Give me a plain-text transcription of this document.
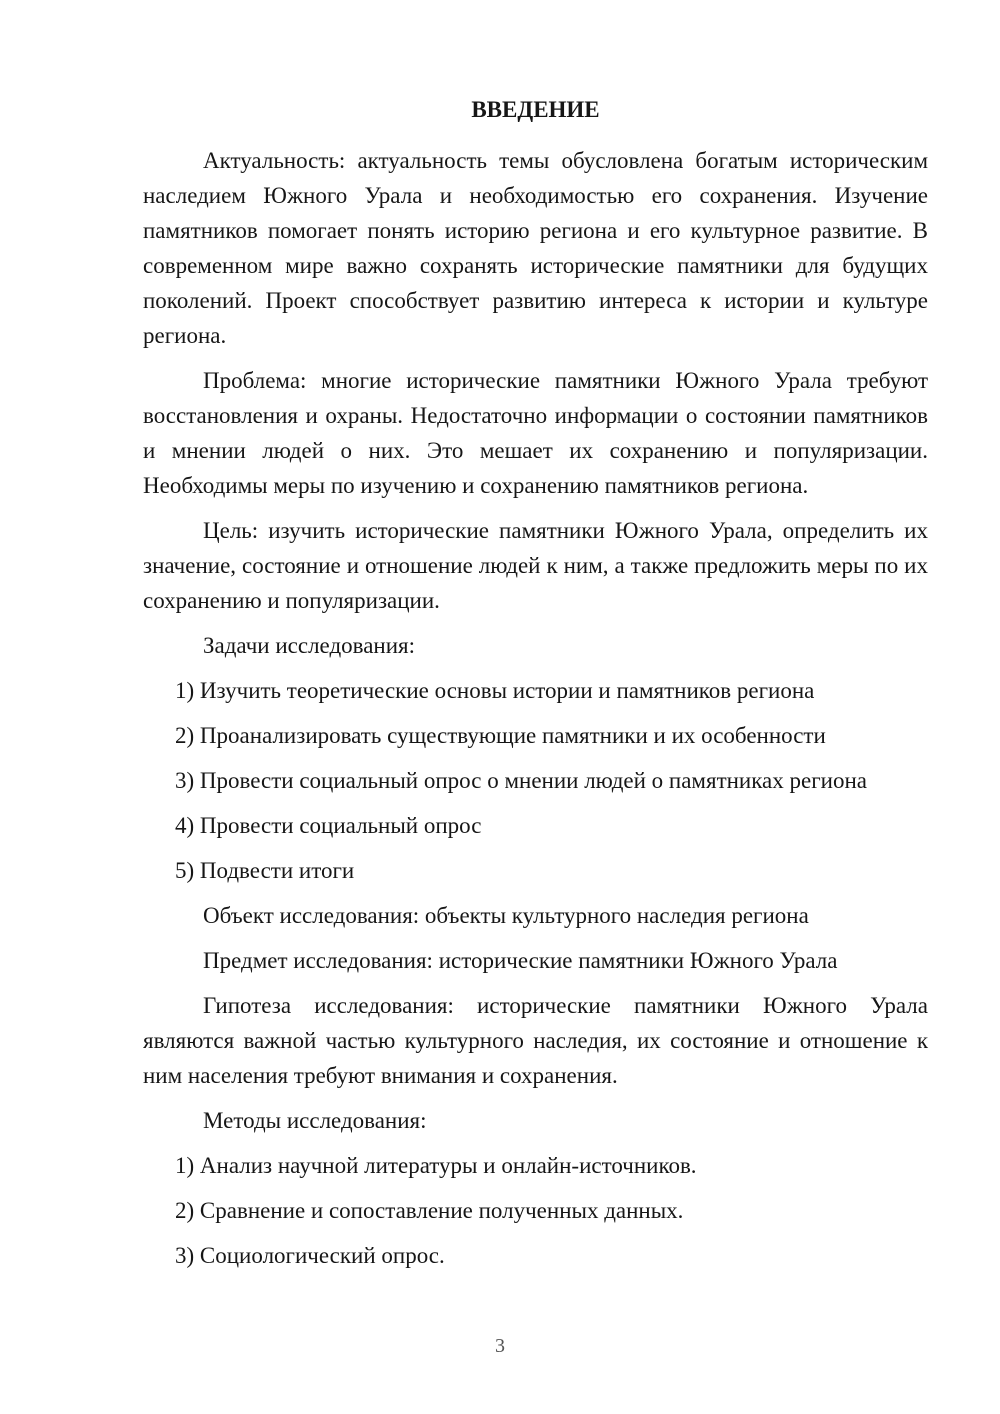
ВВЕДЕНИЕ

Актуальность: актуальность темы обусловлена богатым историческим наследием Южного Урала и необходимостью его сохранения. Изучение памятников помогает понять историю региона и его культурное развитие. В современном мире важно сохранять исторические памятники для будущих поколений. Проект способствует развитию интереса к истории и культуре региона.

Проблема: многие исторические памятники Южного Урала требуют восстановления и охраны. Недостаточно информации о состоянии памятников и мнении людей о них. Это мешает их сохранению и популяризации. Необходимы меры по изучению и сохранению памятников региона.

Цель: изучить исторические памятники Южного Урала, определить их значение, состояние и отношение людей к ним, а также предложить меры по их сохранению и популяризации.

Задачи исследования:

1) Изучить теоретические основы истории и памятников региона

2) Проанализировать существующие памятники и их особенности

3) Провести социальный опрос о мнении людей о памятниках региона

4) Провести социальный опрос

5) Подвести итоги

Объект исследования: объекты культурного наследия региона

Предмет исследования: исторические памятники Южного Урала

Гипотеза исследования: исторические памятники Южного Урала являются важной частью культурного наследия, их состояние и отношение к ним населения требуют внимания и сохранения.

Методы исследования:

1) Анализ научной литературы и онлайн-источников.

2) Сравнение и сопоставление полученных данных.

3) Социологический опрос.

3
